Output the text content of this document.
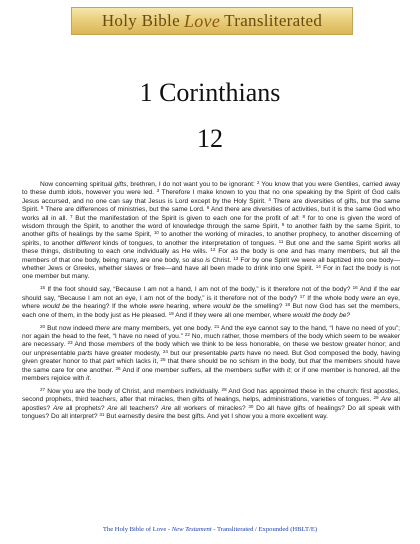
Holy Bible Love Transliterated
1 Corinthians
12

Now concerning spiritual gifts, brethren, I do not want you to be ignorant: $^2$ You know that you were Gentiles, carried away to these dumb idols, however you were led. $^3$ Therefore I make known to you that no one speaking by the Spirit of God calls Jesus accursed, and no one can say that Jesus is Lord except by the Holy Spirit. $^4$ There are diversities of gifts, but the same Spirit. $^5$ There are differences of ministries, but the same Lord. $^6$ And there are diversities of activities, but it is the same God who works all in all. $^7$ But the manifestation of the Spirit is given to each one for the profit of all: $^8$ for to one is given the word of wisdom through the Spirit, to another the word of knowledge through the same Spirit, $^9$ to another faith by the same Spirit, to another gifts of healings by the same Spirit, $^{10}$ to another the working of miracles, to another prophecy, to another discerning of spirits, to another different kinds of tongues, to another the interpretation of tongues. $^{11}$ But one and the same Spirit works all these things, distributing to each one individually as He wills. $^{12}$ For as the body is one and has many members, but all the members of that one body, being many, are one body, so also is Christ. $^{13}$ For by one Spirit we were all baptized into one body— whether Jews or Greeks, whether slaves or free—and have all been made to drink into one Spirit. $^{14}$ For in fact the body is not one member but many.

$^{15}$ If the foot should say, “Because I am not a hand, I am not of the body,” is it therefore not of the body? $^{16}$ And if the ear should say, “Because I am not an eye, I am not of the body,” is it therefore not of the body? $^{17}$ If the whole body were an eye, where would be the hearing? If the whole were hearing, where would be the smelling? $^{18}$ But now God has set the members, each one of them, in the body just as He pleased. $^{19}$ And if they were all one member, where would the body be?

$^{20}$ But now indeed there are many members, yet one body. $^{21}$ And the eye cannot say to the hand, “I have no need of you”; nor again the head to the feet, “I have no need of you.” $^{22}$ No, much rather, those members of the body which seem to be weaker are necessary. $^{23}$ And those members of the body which we think to be less honorable, on these we bestow greater honor; and our unpresentable parts have greater modesty, $^{24}$ but our presentable parts have no need. But God composed the body, having given greater honor to that part which lacks it, $^{25}$ that there should be no schism in the body, but that the members should have the same care for one another. $^{26}$ And if one member suffers, all the members suffer with it; or if one member is honored, all the members rejoice with it.

$^{27}$ Now you are the body of Christ, and members individually. $^{28}$ And God has appointed these in the church: first apostles, second prophets, third teachers, after that miracles, then gifts of healings, helps, administrations, varieties of tongues. $^{29}$ Are all apostles? Are all prophets? Are all teachers? Are all workers of miracles? $^{30}$ Do all have gifts of healings? Do all speak with tongues? Do all interpret? $^{31}$ But earnestly desire the best gifts. And yet I show you a more excellent way.

The Holy Bible of Love - New Testament - Transliterated / Expounded (HBLT/E)
